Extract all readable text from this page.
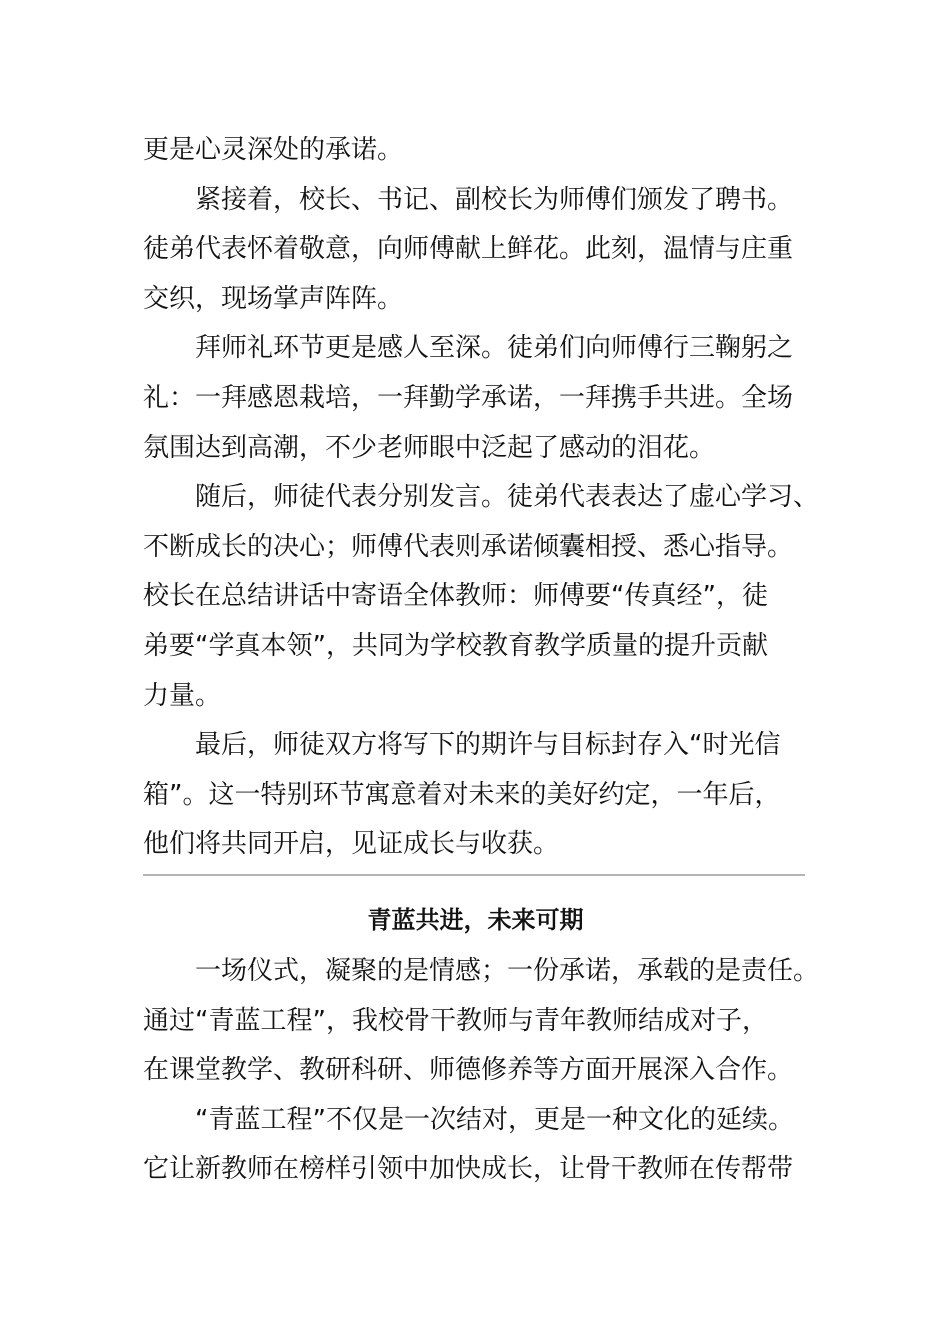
更是心灵深处的承诺。
紧接着，校长、书记、副校长为师傅们颁发了聘书。
徒弟代表怀着敬意，向师傅献上鲜花。此刻，温情与庄重
交织，现场掌声阵阵。
拜师礼环节更是感人至深。徒弟们向师傅行三鞠躬之
礼：一拜感恩栽培，一拜勤学承诺，一拜携手共进。全场
氛围达到高潮，不少老师眼中泛起了感动的泪花。
随后，师徒代表分别发言。徒弟代表表达了虚心学习、
不断成长的决心；师傅代表则承诺倾囊相授、悉心指导。
校长在总结讲话中寄语全体教师：师傅要“传真经”，徒
弟要“学真本领”，共同为学校教育教学质量的提升贡献
力量。
最后，师徒双方将写下的期许与目标封存入“时光信
箱”。这一特别环节寓意着对未来的美好约定，一年后，
他们将共同开启，见证成长与收获。
青蓝共进，未来可期
一场仪式，凝聚的是情感；一份承诺，承载的是责任。
通过“青蓝工程”，我校骨干教师与青年教师结成对子，
在课堂教学、教研科研、师德修养等方面开展深入合作。
“青蓝工程”不仅是一次结对，更是一种文化的延续。
它让新教师在榜样引领中加快成长，让骨干教师在传帮带
